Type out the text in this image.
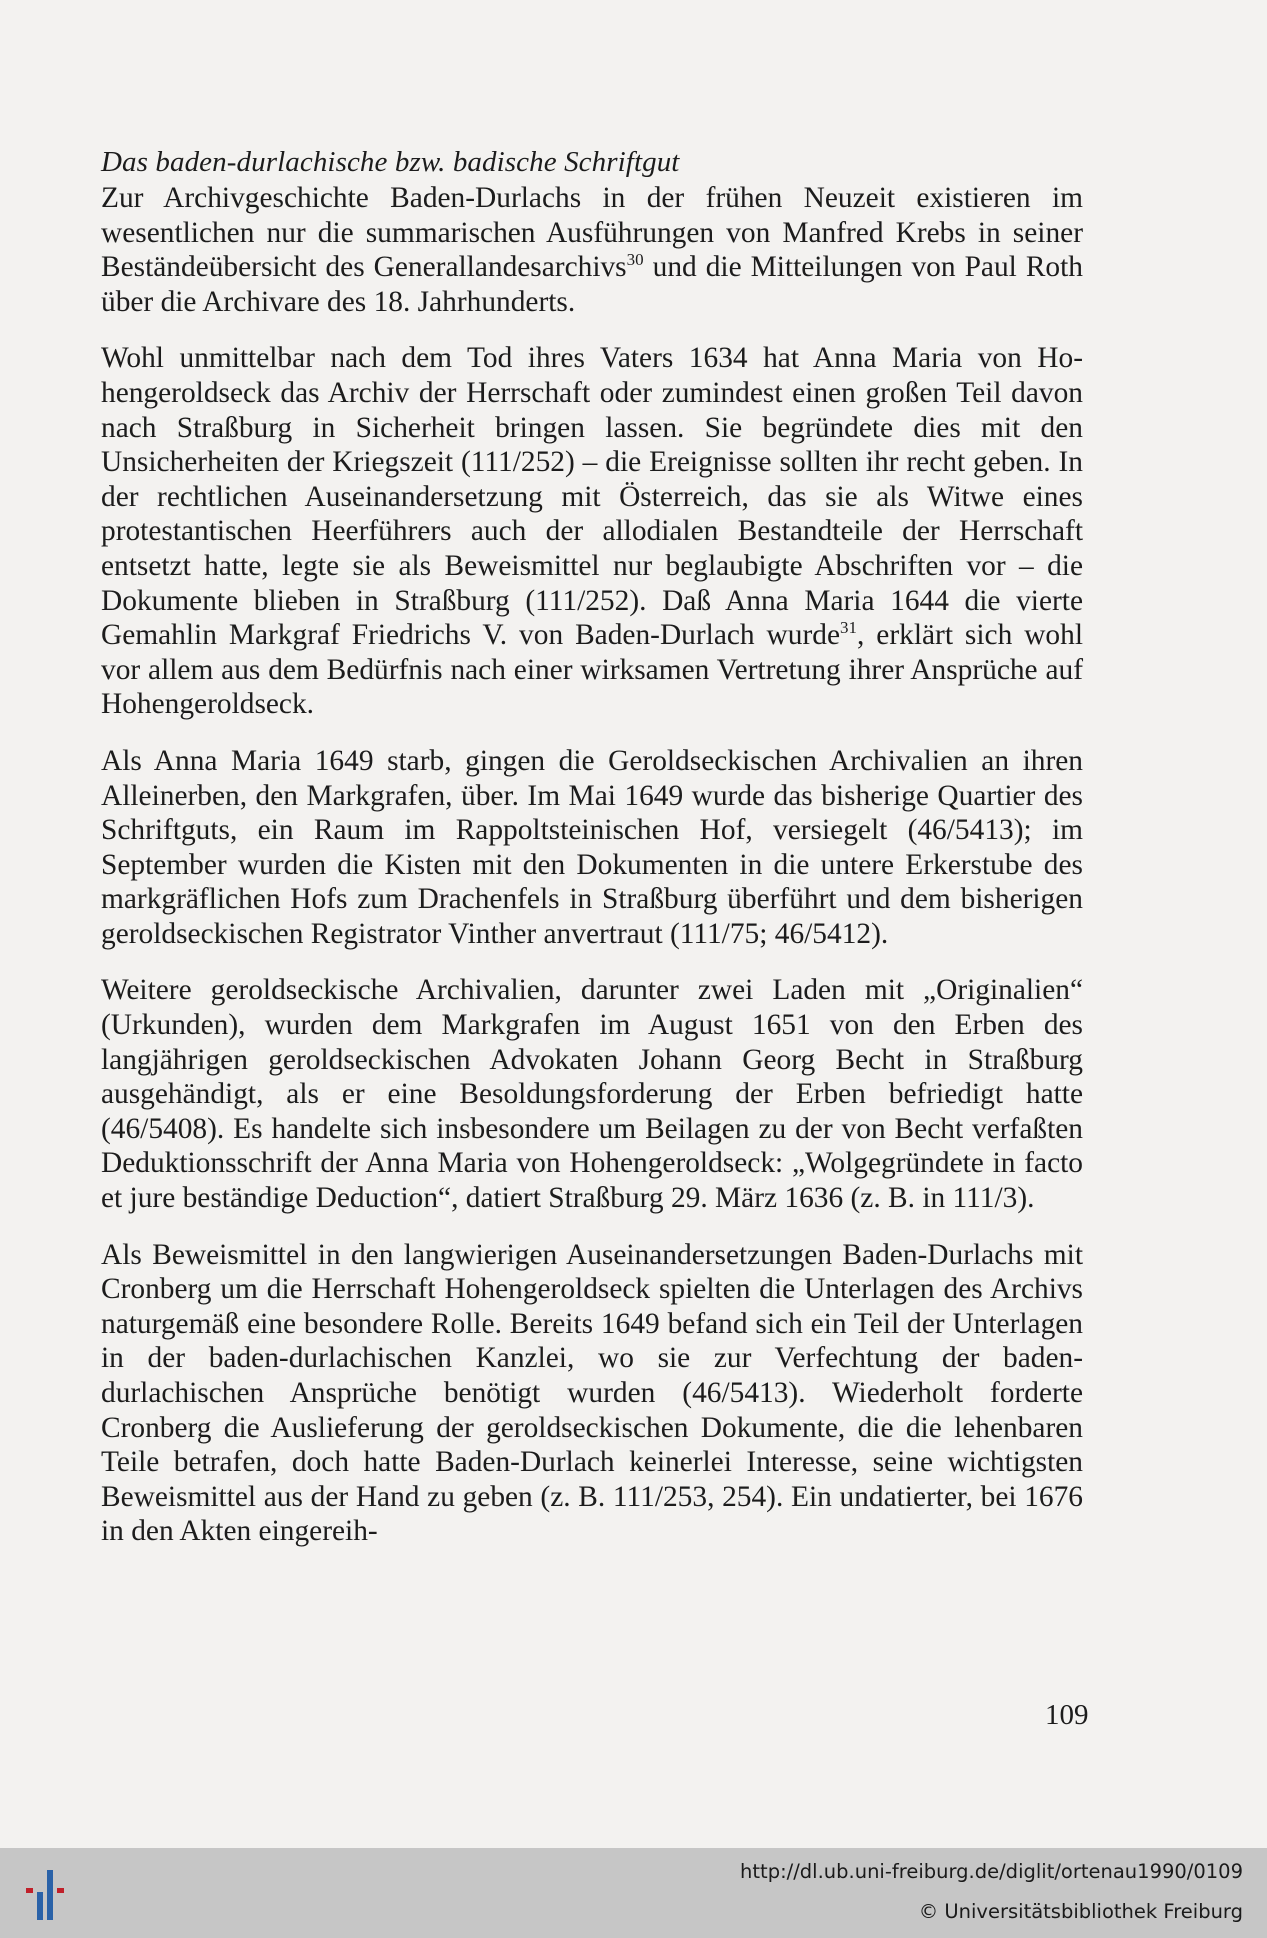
Das baden-durlachische bzw. badische Schriftgut

Zur Archivgeschichte Baden-Durlachs in der frühen Neuzeit existieren im wesentlichen nur die summarischen Ausführungen von Manfred Krebs in seiner Beständeübersicht des Generallandesarchivs$^{30}$ und die Mitteilungen von Paul Roth über die Archivare des 18. Jahrhunderts.

Wohl unmittelbar nach dem Tod ihres Vaters 1634 hat Anna Maria von Hohengeroldseck das Archiv der Herrschaft oder zumindest einen großen Teil davon nach Straßburg in Sicherheit bringen lassen. Sie begründete dies mit den Unsicherheiten der Kriegszeit (111/252) – die Ereignisse sollten ihr recht geben. In der rechtlichen Auseinandersetzung mit Österreich, das sie als Witwe eines protestantischen Heerführers auch der allodialen Bestandteile der Herrschaft entsetzt hatte, legte sie als Beweismittel nur beglaubigte Abschriften vor – die Dokumente blieben in Straßburg (111/252). Daß Anna Maria 1644 die vierte Gemahlin Markgraf Friedrichs V. von Baden-Durlach wurde$^{31}$, erklärt sich wohl vor allem aus dem Bedürfnis nach einer wirksamen Vertretung ihrer Ansprüche auf Hohengeroldseck.

Als Anna Maria 1649 starb, gingen die Geroldseckischen Archivalien an ihren Alleinerben, den Markgrafen, über. Im Mai 1649 wurde das bisherige Quartier des Schriftguts, ein Raum im Rappoltsteinischen Hof, versiegelt (46/5413); im September wurden die Kisten mit den Dokumenten in die untere Erkerstube des markgräflichen Hofs zum Drachenfels in Straßburg überführt und dem bisherigen geroldseckischen Registrator Vinther anvertraut (111/75; 46/5412).

Weitere geroldseckische Archivalien, darunter zwei Laden mit „Originalien“ (Urkunden), wurden dem Markgrafen im August 1651 von den Erben des langjährigen geroldseckischen Advokaten Johann Georg Becht in Straßburg ausgehändigt, als er eine Besoldungsforderung der Erben befriedigt hatte (46/5408). Es handelte sich insbesondere um Beilagen zu der von Becht verfaßten Deduktionsschrift der Anna Maria von Hohengeroldseck: „Wolgegründete in facto et jure beständige Deduction“, datiert Straßburg 29. März 1636 (z. B. in 111/3).

Als Beweismittel in den langwierigen Auseinandersetzungen Baden-Durlachs mit Cronberg um die Herrschaft Hohengeroldseck spielten die Unterlagen des Archivs naturgemäß eine besondere Rolle. Bereits 1649 befand sich ein Teil der Unterlagen in der baden-durlachischen Kanzlei, wo sie zur Verfechtung der baden-durlachischen Ansprüche benötigt wurden (46/5413). Wiederholt forderte Cronberg die Auslieferung der geroldseckischen Dokumente, die die lehenbaren Teile betrafen, doch hatte Baden-Durlach keinerlei Interesse, seine wichtigsten Beweismittel aus der Hand zu geben (z. B. 111/253, 254). Ein undatierter, bei 1676 in den Akten eingereih-

109
http://dl.ub.uni-freiburg.de/diglit/ortenau1990/0109
© Universitätsbibliothek Freiburg
